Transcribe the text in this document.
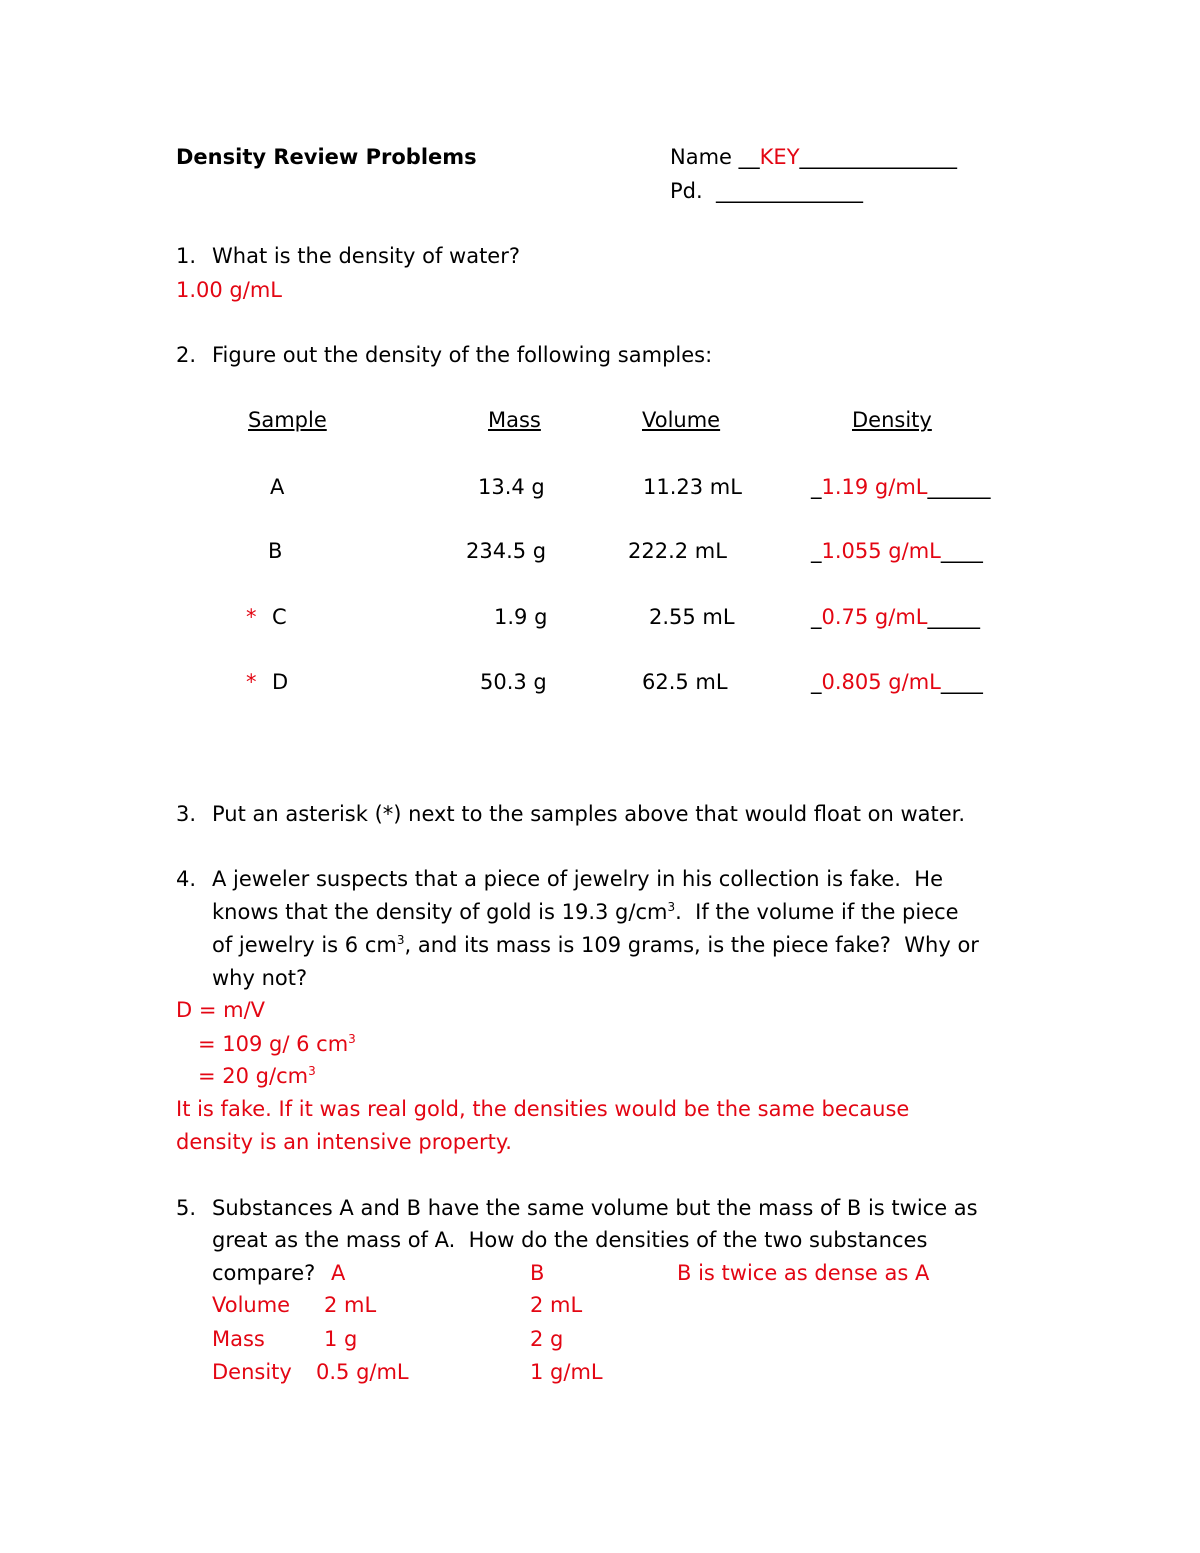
Density Review Problems	Name __KEY_______________
Pd. ______________
1. What is the density of water?
1.00 g/mL
2. Figure out the density of the following samples:
Sample	Mass	Volume	Density
A	13.4 g	11.23 mL	_1.19 g/mL______
B	234.5 g	222.2 mL	_1.055 g/mL____
* C	1.9 g	2.55 mL	_0.75 g/mL_____
* D	50.3 g	62.5 mL	_0.805 g/mL____
3. Put an asterisk (*) next to the samples above that would float on water.
4. A jeweler suspects that a piece of jewelry in his collection is fake.  He
knows that the density of gold is 19.3 $g/cm^3$.  If the volume if the piece
of jewelry is 6 $cm^3$, and its mass is 109 grams, is the piece fake?  Why or
why not?
D = m/V
= 109 g/ 6 $cm^3$
= 20 $g/cm^3$
It is fake. If it was real gold, the densities would be the same because
density is an intensive property.
5. Substances A and B have the same volume but the mass of B is twice as
great as the mass of A.  How do the densities of the two substances
compare? A	B	B is twice as dense as A
Volume 2 mL	2 mL
Mass	1 g	2 g
Density 0.5 g/mL	1 g/mL
